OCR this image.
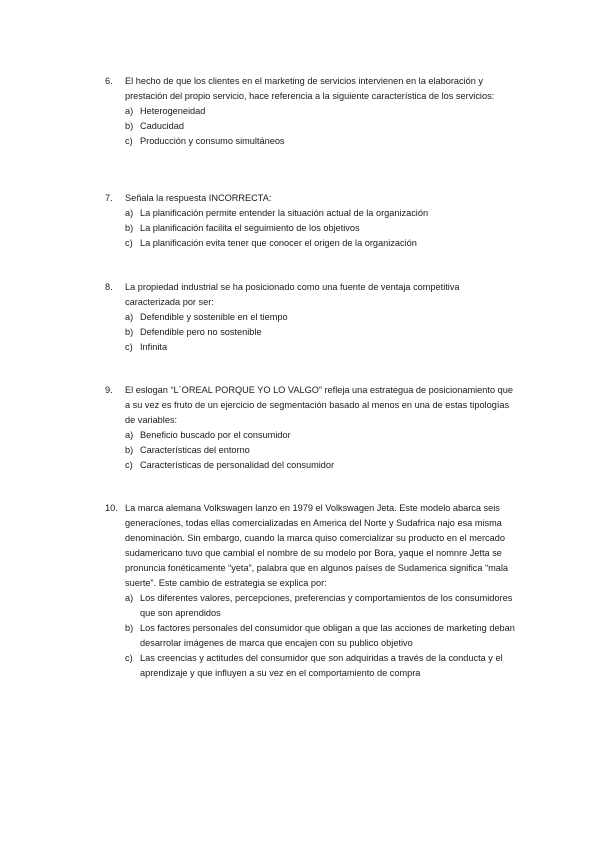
6. El hecho de que los clientes en el marketing de servicios intervienen en la elaboración y prestación del propio servicio, hace referencia a la siguiente característica de los servicios:
a) Heterogeneidad
b) Caducidad
c) Producción y consumo simultáneos
7. Señala la respuesta INCORRECTA:
a) La planificación permite entender la situación actual de la organización
b) La planificación facilita el seguimiento de los objetivos
c) La planificación evita tener que conocer el origen de la organización
8. La propiedad industrial se ha posicionado como una fuente de ventaja competitiva caracterizada por ser:
a) Defendible y sostenible en el tiempo
b) Defendible pero no sostenible
c) Infinita
9. El eslogan “L´OREAL PORQUE YO LO VALGO” refleja una estrategua de posicionamiento que a su vez es fruto de un ejercicio de segmentación basado al menos en una de estas tipologías de variables:
a) Beneficio buscado por el consumidor
b) Características del entorno
c) Características de personalidad del consumidor
10. La marca alemana Volkswagen lanzo en 1979 el Volkswagen Jeta. Este modelo abarca seis generacíones, todas ellas comercializadas en America del Norte y Sudafrica najo esa misma denominación. Sin embargo, cuando la marca quiso comercializar su producto en el mercado sudamericano tuvo que cambial el nombre de su modelo por Bora, yaque el nomnre Jetta se pronuncia fonéticamente “yeta”, palabra que en algunos países de Sudamerica significa “mala suerte”. Este cambio de estrategia se explica por:
a) Los diferentes valores, percepciones, preferencias y comportamientos de los consumidores que son aprendidos
b) Los factores personales del consumidor que obligan a que las acciones de marketing deban desarrolar imágenes de marca que encajen con su publico objetivo
c) Las creencias y actitudes del consumidor que son adquiridas a través de la conducta y el aprendizaje y que influyen a su vez en el comportamiento de compra
